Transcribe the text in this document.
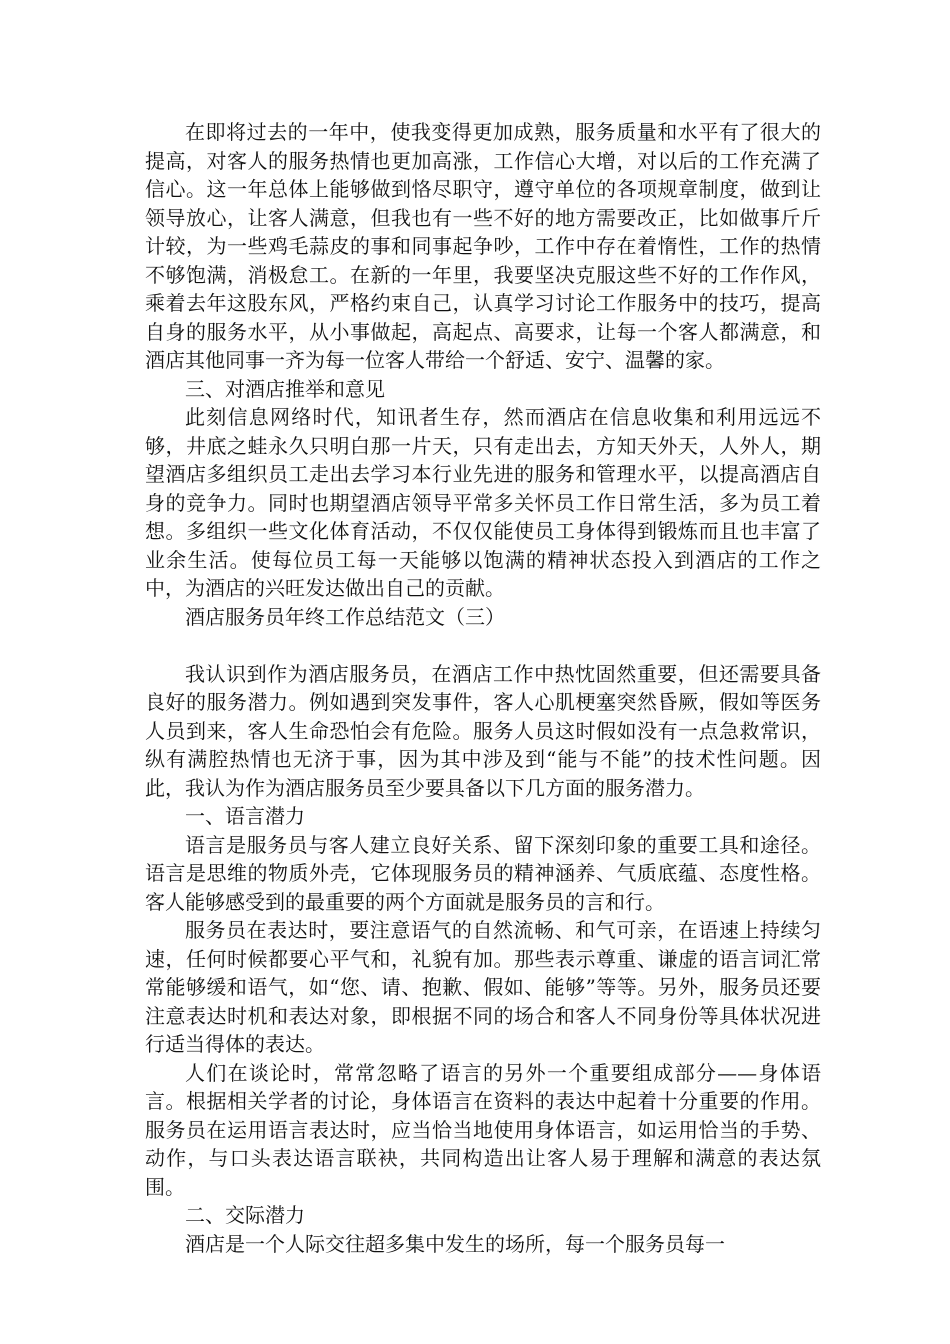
在即将过去的一年中，使我变得更加成熟，服务质量和水平有了很大的提高，对客人的服务热情也更加高涨，工作信心大增，对以后的工作充满了信心。这一年总体上能够做到恪尽职守，遵守单位的各项规章制度，做到让领导放心，让客人满意，但我也有一些不好的地方需要改正，比如做事斤斤计较，为一些鸡毛蒜皮的事和同事起争吵，工作中存在着惰性，工作的热情不够饱满，消极怠工。在新的一年里，我要坚决克服这些不好的工作作风，乘着去年这股东风，严格约束自己，认真学习讨论工作服务中的技巧，提高自身的服务水平，从小事做起，高起点、高要求，让每一个客人都满意，和酒店其他同事一齐为每一位客人带给一个舒适、安宁、温馨的家。

三、对酒店推举和意见

此刻信息网络时代，知讯者生存，然而酒店在信息收集和利用远远不够，井底之蛙永久只明白那一片天，只有走出去，方知天外天，人外人，期望酒店多组织员工走出去学习本行业先进的服务和管理水平，以提高酒店自身的竞争力。同时也期望酒店领导平常多关怀员工作日常生活，多为员工着想。多组织一些文化体育活动，不仅仅能使员工身体得到锻炼而且也丰富了业余生活。使每位员工每一天能够以饱满的精神状态投入到酒店的工作之中，为酒店的兴旺发达做出自己的贡献。

酒店服务员年终工作总结范文（三）

我认识到作为酒店服务员，在酒店工作中热忱固然重要，但还需要具备良好的服务潜力。例如遇到突发事件，客人心肌梗塞突然昏厥，假如等医务人员到来，客人生命恐怕会有危险。服务人员这时假如没有一点急救常识，纵有满腔热情也无济于事，因为其中涉及到“能与不能”的技术性问题。因此，我认为作为酒店服务员至少要具备以下几方面的服务潜力。

一、语言潜力

语言是服务员与客人建立良好关系、留下深刻印象的重要工具和途径。语言是思维的物质外壳，它体现服务员的精神涵养、气质底蕴、态度性格。客人能够感受到的最重要的两个方面就是服务员的言和行。

服务员在表达时，要注意语气的自然流畅、和气可亲，在语速上持续匀速，任何时候都要心平气和，礼貌有加。那些表示尊重、谦虚的语言词汇常常能够缓和语气，如“您、请、抱歉、假如、能够”等等。另外，服务员还要注意表达时机和表达对象，即根据不同的场合和客人不同身份等具体状况进行适当得体的表达。

人们在谈论时，常常忽略了语言的另外一个重要组成部分——身体语言。根据相关学者的讨论，身体语言在资料的表达中起着十分重要的作用。服务员在运用语言表达时，应当恰当地使用身体语言，如运用恰当的手势、动作，与口头表达语言联袂，共同构造出让客人易于理解和满意的表达氛围。

二、交际潜力

酒店是一个人际交往超多集中发生的场所，每一个服务员每一
